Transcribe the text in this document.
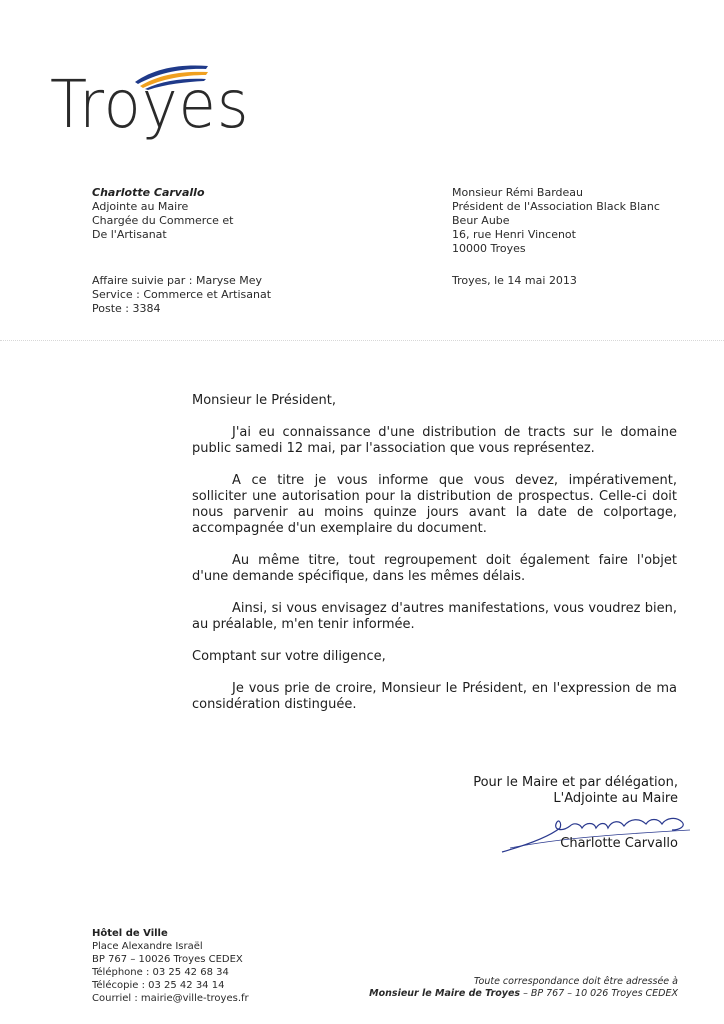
Troyes
Charlotte Carvallo
Adjointe au Maire
Chargée du Commerce et
De l'Artisanat
Monsieur Rémi Bardeau
Président de l'Association Black Blanc
Beur Aube
16, rue Henri Vincenot
10000 Troyes
Affaire suivie par : Maryse Mey
Service : Commerce et Artisanat
Poste : 3384
Troyes, le 14 mai 2013

Monsieur le Président,

J'ai eu connaissance d'une distribution de tracts sur le domaine public samedi 12 mai, par l'association que vous représentez.

A ce titre je vous informe que vous devez, impérativement, solliciter une autorisation pour la distribution de prospectus. Celle-ci doit nous parvenir au moins quinze jours avant la date de colportage, accompagnée d'un exemplaire du document.

Au même titre, tout regroupement doit également faire l'objet d'une demande spécifique, dans les mêmes délais.

Ainsi, si vous envisagez d'autres manifestations, vous voudrez bien, au préalable, m'en tenir informée.

Comptant sur votre diligence,

Je vous prie de croire, Monsieur le Président, en l'expression de ma considération distinguée.

Pour le Maire et par délégation,
L'Adjointe au Maire
Charlotte Carvallo
Hôtel de Ville
Place Alexandre Israël
BP 767 – 10026 Troyes CEDEX
Téléphone : 03 25 42 68 34
Télécopie : 03 25 42 34 14
Courriel : mairie@ville-troyes.fr
Toute correspondance doit être adressée à
Monsieur le Maire de Troyes – BP 767 – 10 026 Troyes CEDEX
